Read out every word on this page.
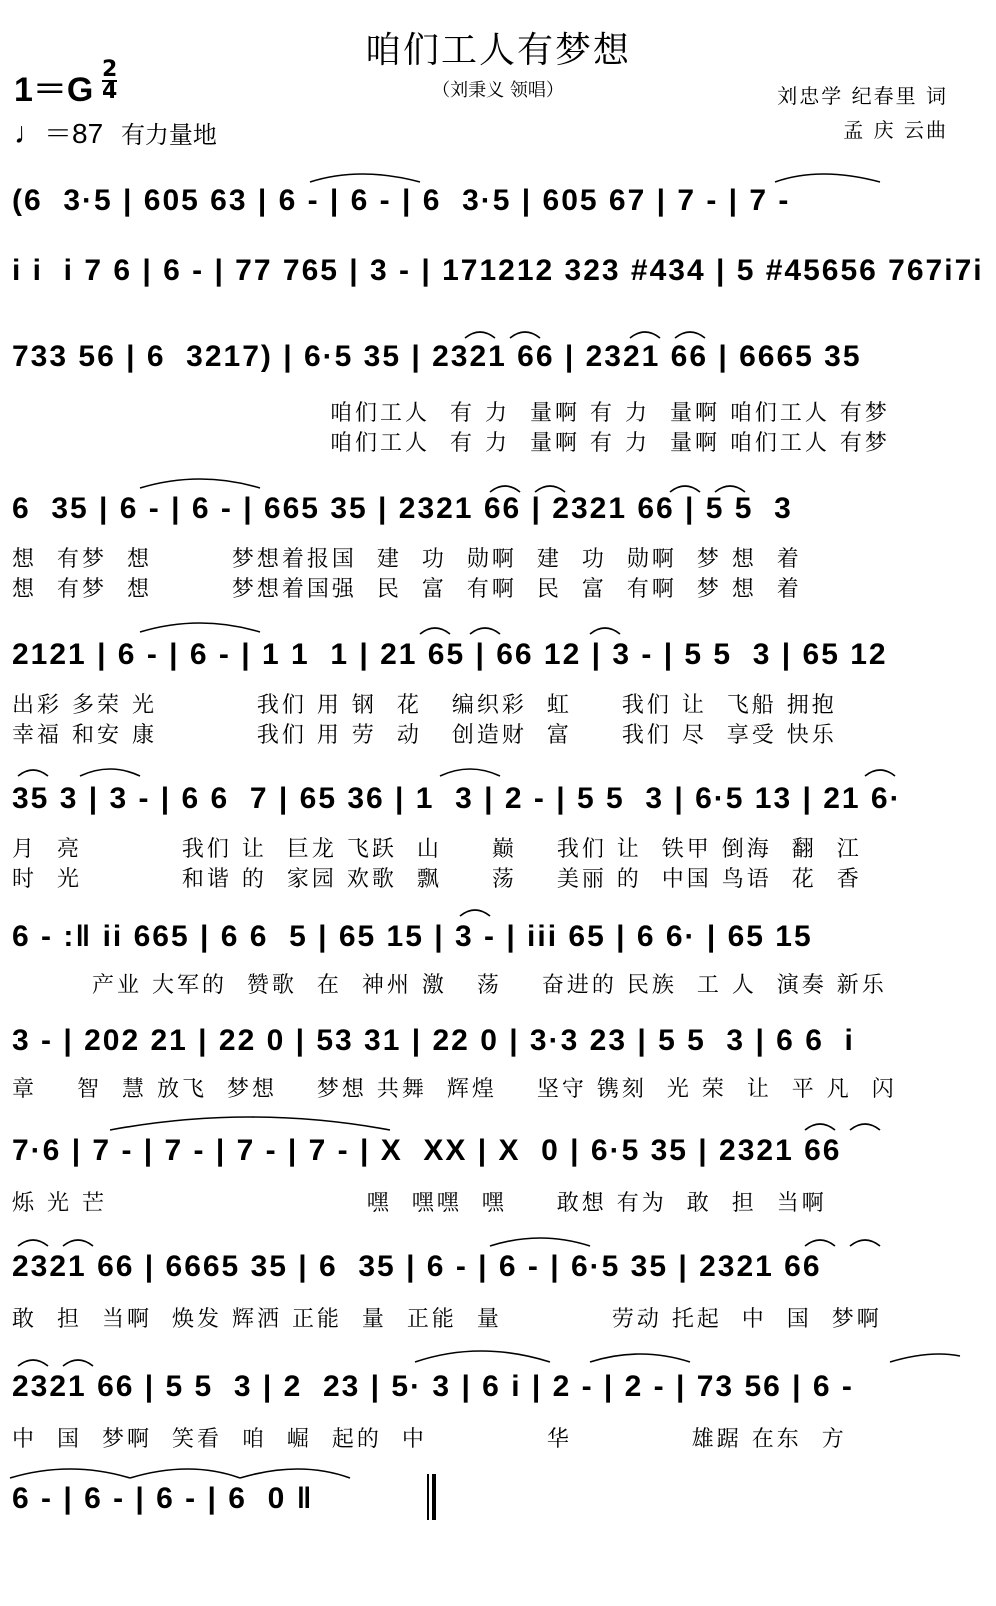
咱们工人有梦想
（刘秉义 领唱）
$1=G \frac{2}{4}$
♩＝87 有力量地
刘忠学 纪春里 词
孟 庆 云曲
(6  3·5 | 605 63 | 6 - | 6 - | 6  3·5 | 605 67 | 7 - | 7 -
i i  i 7 6 | 6 - | 77 765 | 3 - | 171212 323 #434 | 5 #45656 767i7i
733 56 | 6  3217) | 6·5 35 | 2321 66 | 2321 66 | 6665 35
咱们工人  有 力  量啊 有 力  量啊 咱们工人 有梦
咱们工人  有 力  量啊 有 力  量啊 咱们工人 有梦
6  35 | 6 - | 6 - | 665 35 | 2321 66 | 2321 66 | 5 5  3
想  有梦  想        梦想着报国  建  功  勋啊  建  功  勋啊  梦 想  着
想  有梦  想        梦想着国强  民  富  有啊  民  富  有啊  梦 想  着
2121 | 6 - | 6 - | 1 1  1 | 21 65 | 66 12 | 3 - | 5 5  3 | 65 12
出彩 多荣 光          我们 用 钢  花   编织彩  虹     我们 让  飞船 拥抱
幸福 和安 康          我们 用 劳  动   创造财  富     我们 尽  享受 快乐
35 3 | 3 - | 6 6  7 | 65 36 | 1  3 | 2 - | 5 5  3 | 6·5 13 | 21 6·
月  亮          我们 让  巨龙 飞跃  山     巅    我们 让  铁甲 倒海  翻  江
时  光          和谐 的  家园 欢歌  飘     荡    美丽 的  中国 鸟语  花  香
6 - :‖ ii 665 | 6 6  5 | 65 15 | 3 - | iii 65 | 6 6· | 65 15
产业 大军的  赞歌  在  神州 激   荡    奋进的 民族  工 人  演奏 新乐
3 - | 202 21 | 22 0 | 53 31 | 22 0 | 3·3 23 | 5 5  3 | 6 6  i
章    智  慧 放飞  梦想    梦想 共舞  辉煌    坚守 镌刻  光 荣  让  平 凡  闪
7·6 | 7 - | 7 - | 7 - | 7 - | X  XX | X  0 | 6·5 35 | 2321 66
烁 光 芒                          嘿  嘿嘿  嘿     敢想 有为  敢  担  当啊
2321 66 | 6665 35 | 6  35 | 6 - | 6 - | 6·5 35 | 2321 66
敢  担  当啊  焕发 辉洒 正能  量  正能  量           劳动 托起  中  国  梦啊
2321 66 | 5 5  3 | 2  23 | 5· 3 | 6 i | 2 - | 2 - | 73 56 | 6 -
中  国  梦啊  笑看  咱  崛  起的  中            华            雄踞 在东  方
6 - | 6 - | 6 - | 6  0 ‖
